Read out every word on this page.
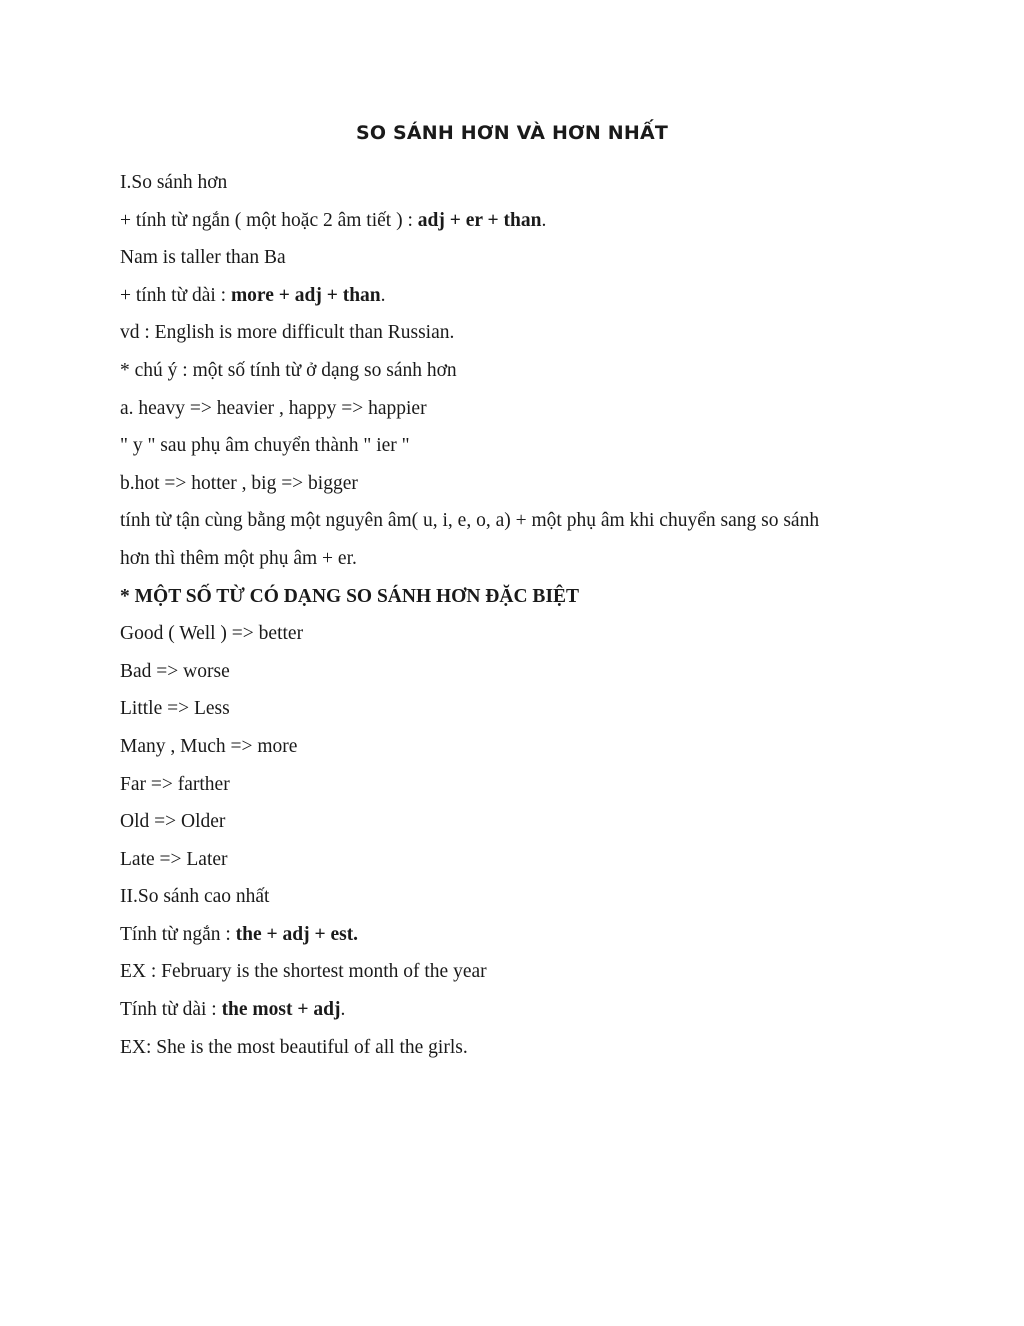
SO SÁNH HƠN VÀ HƠN NHẤT
I.So sánh hơn
+ tính từ ngắn ( một hoặc 2 âm tiết ) : adj + er + than.
Nam is taller than Ba
+ tính từ dài : more + adj + than.
vd : English is more difficult than Russian.
* chú ý : một số tính từ ở dạng so sánh hơn
a. heavy => heavier , happy => happier
" y " sau phụ âm chuyển thành " ier "
b.hot => hotter , big => bigger
tính từ tận cùng bằng một nguyên âm( u, i, e, o, a) + một phụ âm khi chuyển sang so sánh
hơn thì thêm một phụ âm + er.
* MỘT SỐ TỪ CÓ DẠNG SO SÁNH HƠN ĐẶC BIỆT
Good ( Well ) => better
Bad => worse
Little => Less
Many , Much => more
Far => farther
Old => Older
Late => Later
II.So sánh cao nhất
Tính từ ngắn : the + adj + est.
EX : February is the shortest month of the year
Tính từ dài : the most + adj.
EX: She is the most beautiful of all the girls.
